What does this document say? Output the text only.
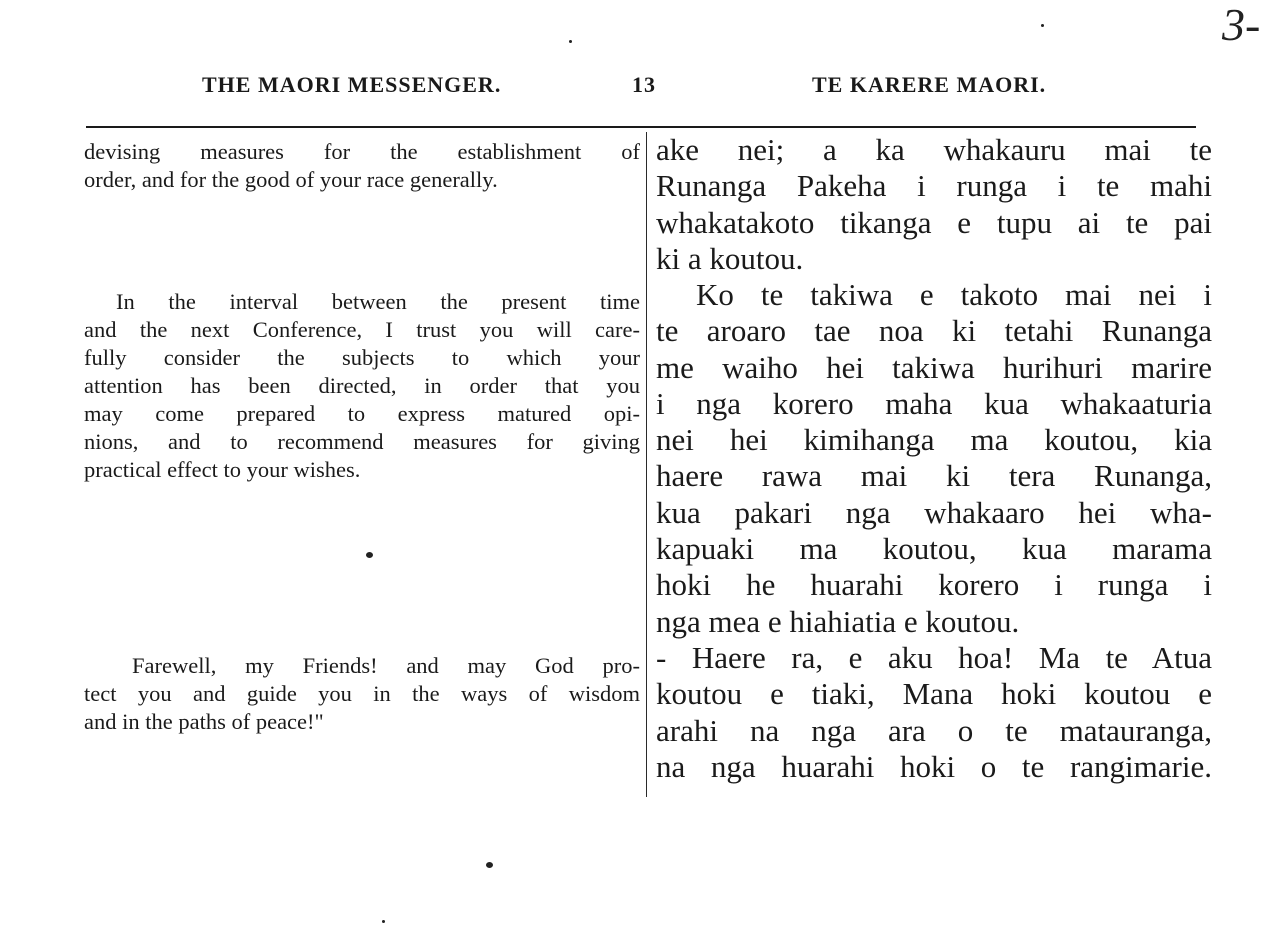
3-
THE MAORI MESSENGER.	13	TE KARERE MAORI.
devising measures for the establishment of
order, and for the good of your race generally.
In the interval between the present time
and the next Conference, I trust you will care-
fully consider the subjects to which your
attention has been directed, in order that you
may come prepared to express matured opi-
nions, and to recommend measures for giving
practical effect to your wishes.
Farewell, my Friends! and may God pro-
tect you and guide you in the ways of wisdom
and in the paths of peace!"
ake nei; a ka whakauru mai te
Runanga Pakeha i runga i te mahi
whakatakoto tikanga e tupu ai te pai
ki a koutou.
Ko te takiwa e takoto mai nei i
te aroaro tae noa ki tetahi Runanga
me waiho hei takiwa hurihuri marire
i nga korero maha kua whakaaturia
nei hei kimihanga ma koutou, kia
haere rawa mai ki tera Runanga,
kua pakari nga whakaaro hei wha-
kapuaki ma koutou, kua marama
hoki he huarahi korero i runga i
nga mea e hiahiatia e koutou.
- Haere ra, e aku hoa! Ma te Atua
koutou e tiaki, Mana hoki koutou e
arahi na nga ara o te matauranga,
na nga huarahi hoki o te rangimarie.
